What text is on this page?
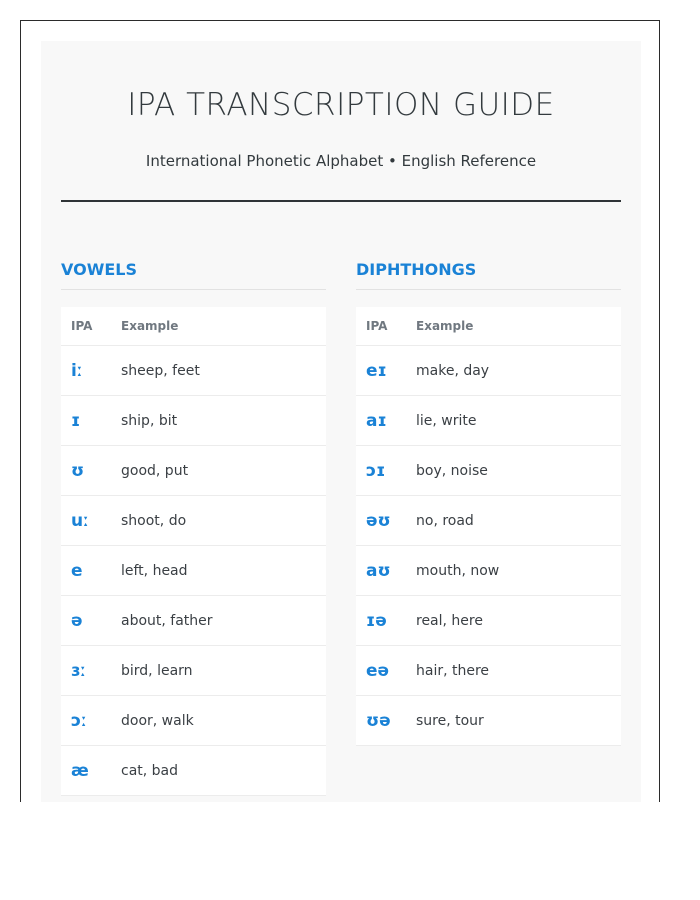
IPA TRANSCRIPTION GUIDE
International Phonetic Alphabet • English Reference
VOWELS
IPA	Example
iː	sheep, feet
ɪ	ship, bit
ʊ	good, put
uː	shoot, do
e	left, head
ə	about, father
ɜː	bird, learn
ɔː	door, walk
æ	cat, bad
DIPHTHONGS
IPA	Example
eɪ	make, day
aɪ	lie, write
ɔɪ	boy, noise
əʊ	no, road
aʊ	mouth, now
ɪə	real, here
eə	hair, there
ʊə	sure, tour
